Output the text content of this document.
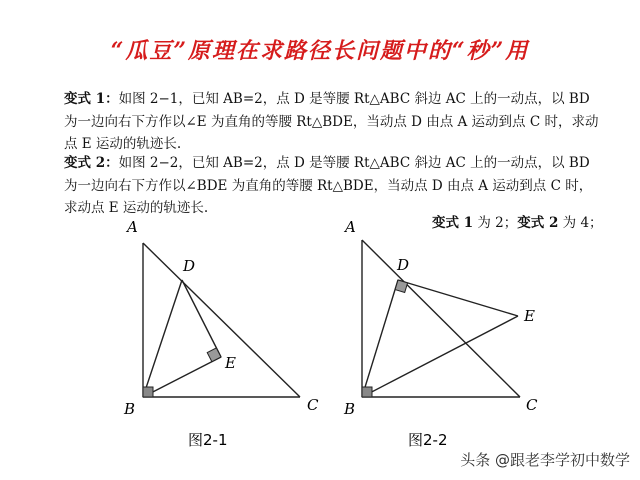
“瓜豆”原理在求路径长问题中的“秒”用
变式 1：如图 2−1，已知 AB=2，点 D 是等腰 Rt△ABC 斜边 AC 上的一动点，以 BD 为一边向右下方作以∠E 为直角的等腰 Rt△BDE，当动点 D 由点 A 运动到点 C 时，求动点 E 运动的轨迹长.
变式 2：如图 2−2，已知 AB=2，点 D 是等腰 Rt△ABC 斜边 AC 上的一动点，以 BD 为一边向右下方作以∠BDE 为直角的等腰 Rt△BDE，当动点 D 由点 A 运动到点 C 时，求动点 E 运动的轨迹长.
变式 1 为 2；变式 2 为 4；
A
B	C
D
E
图2-1
A
B	C
D
E
图2-2
头条 @跟老李学初中数学
